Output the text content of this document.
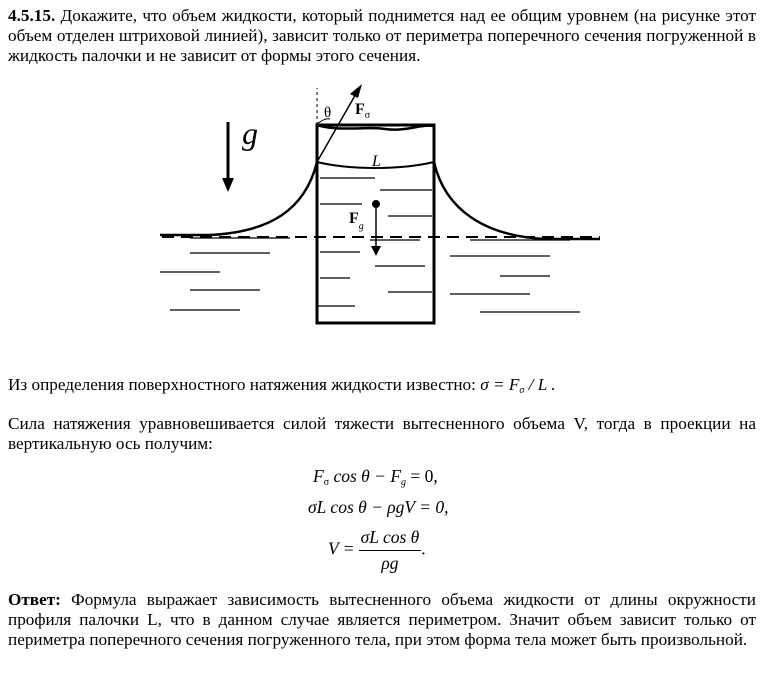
4.5.15. Докажите, что объем жидкости, который поднимется над ее общим уровнем (на рисунке этот объем отделен штриховой линией), зависит только от периметра поперечного сечения погруженной в жидкость палочки и не зависит от формы этого сечения.
g
θ $F_\sigma$
L
$F_g$
Из определения поверхностного натяжения жидкости известно: $\sigma = F_\sigma / L$ .
Сила натяжения уравновешивается силой тяжести вытесненного объема V, тогда в проекции на вертикальную ось получим:
$F_\sigma$ $\cos \theta - F_g = 0$,
σL cos θ − ρgV = 0,
$V = \frac{\text{σL cos θ}}{\rho g}$ .
Ответ: Формула выражает зависимость вытесненного объема жидкости от длины окружности профиля палочки L, что в данном случае является периметром. Значит объем зависит только от периметра поперечного сечения погруженного тела, при этом форма тела может быть произвольной.
